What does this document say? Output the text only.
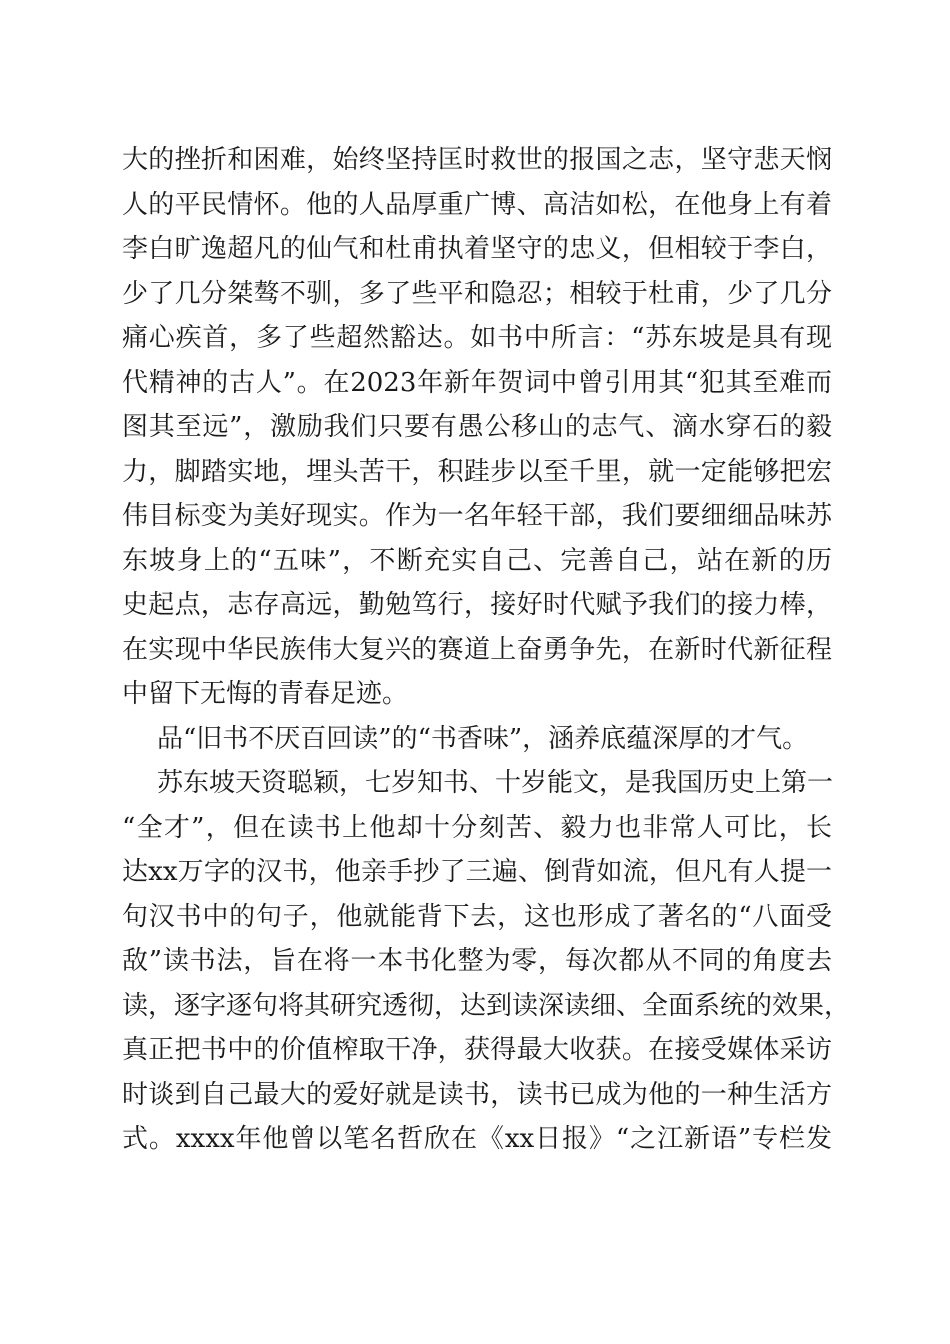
大的挫折和困难，始终坚持匡时救世的报国之志，坚守悲天悯
人的平民情怀。他的人品厚重广博、高洁如松，在他身上有着
李白旷逸超凡的仙气和杜甫执着坚守的忠义，但相较于李白，
少了几分桀骜不驯，多了些平和隐忍；相较于杜甫，少了几分
痛心疾首，多了些超然豁达。如书中所言：“苏东坡是具有现
代精神的古人”。在2023年新年贺词中曾引用其“犯其至难而
图其至远”，激励我们只要有愚公移山的志气、滴水穿石的毅
力，脚踏实地，埋头苦干，积跬步以至千里，就一定能够把宏
伟目标变为美好现实。作为一名年轻干部，我们要细细品味苏
东坡身上的“五味”，不断充实自己、完善自己，站在新的历
史起点，志存高远，勤勉笃行，接好时代赋予我们的接力棒，
在实现中华民族伟大复兴的赛道上奋勇争先，在新时代新征程
中留下无悔的青春足迹。
品“旧书不厌百回读”的“书香味”，涵养底蕴深厚的才气。
苏东坡天资聪颖，七岁知书、十岁能文，是我国历史上第一
“全才”，但在读书上他却十分刻苦、毅力也非常人可比，长
达xx万字的汉书，他亲手抄了三遍、倒背如流，但凡有人提一
句汉书中的句子，他就能背下去，这也形成了著名的“八面受
敌”读书法，旨在将一本书化整为零，每次都从不同的角度去
读，逐字逐句将其研究透彻，达到读深读细、全面系统的效果，
真正把书中的价值榨取干净，获得最大收获。在接受媒体采访
时谈到自己最大的爱好就是读书，读书已成为他的一种生活方
式。xxxx年他曾以笔名哲欣在《xx日报》“之江新语”专栏发
